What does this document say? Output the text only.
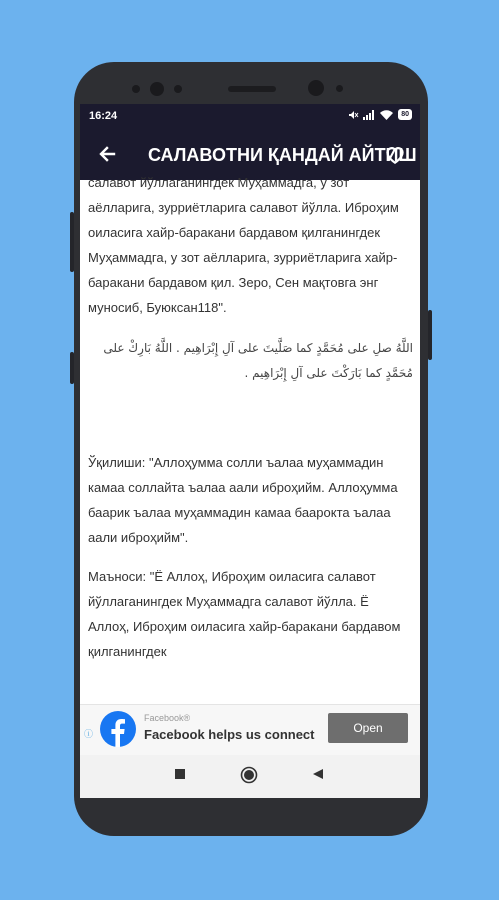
16:24	80
САЛАВОТНИ ҚАНДАЙ АЙТИШ

салавот йўллаганингдек Муҳаммадга, у зот аёлларига, зурриётларига салавот йўлла. Иброҳим оиласига хайр-баракани бардавом қилганингдек Муҳаммадга, у зот аёлларига, зурриётларига хайр-баракани бардавом қил. Зеро, Сен мақтовга энг муносиб, Буюксан118".

اللَّهُ صلِ على مُحَمَّدٍ كما صَلَّيتَ على آلِ إِبْرَاهِيم . اللَّهُ بَارِكْ على مُحَمَّدٍ كما بَارَكْتَ على آلِ إِبْرَاهِيم .

Ўқилиши: "Аллоҳумма солли ъалаа муҳаммадин камаа соллайта ъалаа аали иброҳийм. Аллоҳумма баарик ъалаа муҳаммадин камаа баарокта ъалаа аали иброҳийм".

Маъноси: "Ё Аллоҳ, Иброҳим оиласига салавот йўллаганингдек Муҳаммадга салавот йўлла. Ё Аллоҳ, Иброҳим оиласига хайр-баракани бардавом қилганингдек

ⓘ
Facebook®
Facebook helps us connect	Open
